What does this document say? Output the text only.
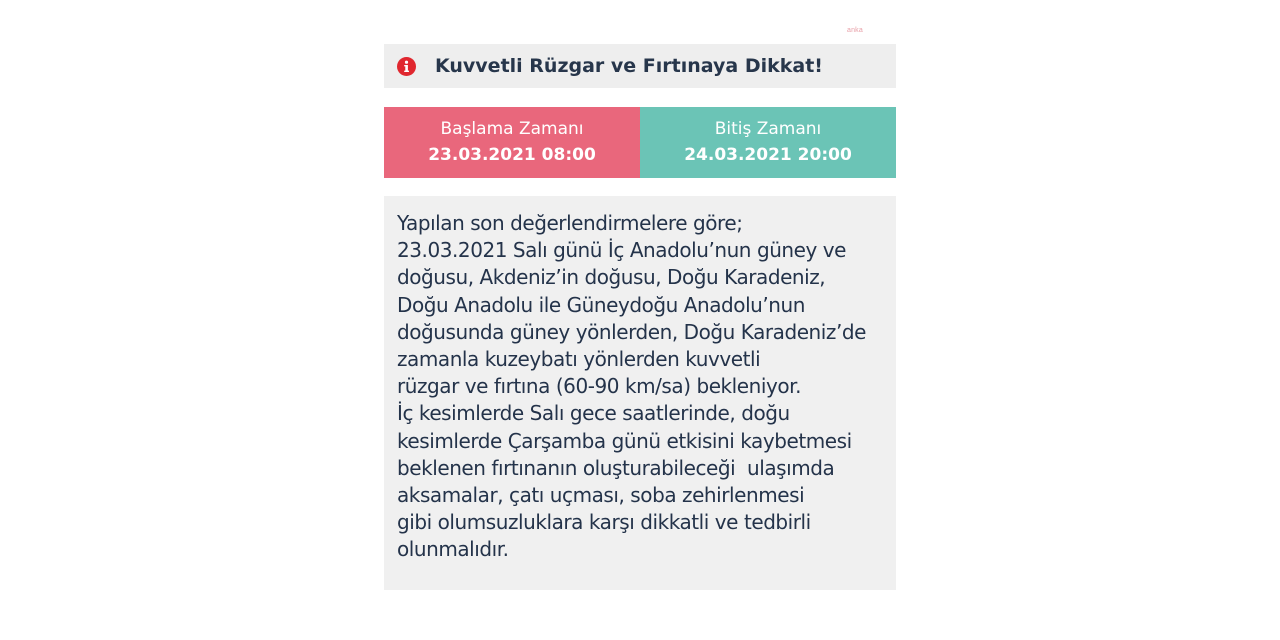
anka
Kuvvetli Rüzgar ve Fırtınaya Dikkat!
Başlama Zamanı
23.03.2021 08:00
Bitiş Zamanı
24.03.2021 20:00
Yapılan son değerlendirmelere göre;
23.03.2021 Salı günü İç Anadolu’nun güney ve
doğusu, Akdeniz’in doğusu, Doğu Karadeniz,
Doğu Anadolu ile Güneydoğu Anadolu’nun
doğusunda güney yönlerden, Doğu Karadeniz’de
zamanla kuzeybatı yönlerden kuvvetli
rüzgar ve fırtına (60-90 km/sa) bekleniyor.
İç kesimlerde Salı gece saatlerinde, doğu
kesimlerde Çarşamba günü etkisini kaybetmesi
beklenen fırtınanın oluşturabileceği  ulaşımda
aksamalar, çatı uçması, soba zehirlenmesi
gibi olumsuzluklara karşı dikkatli ve tedbirli
olunmalıdır.
